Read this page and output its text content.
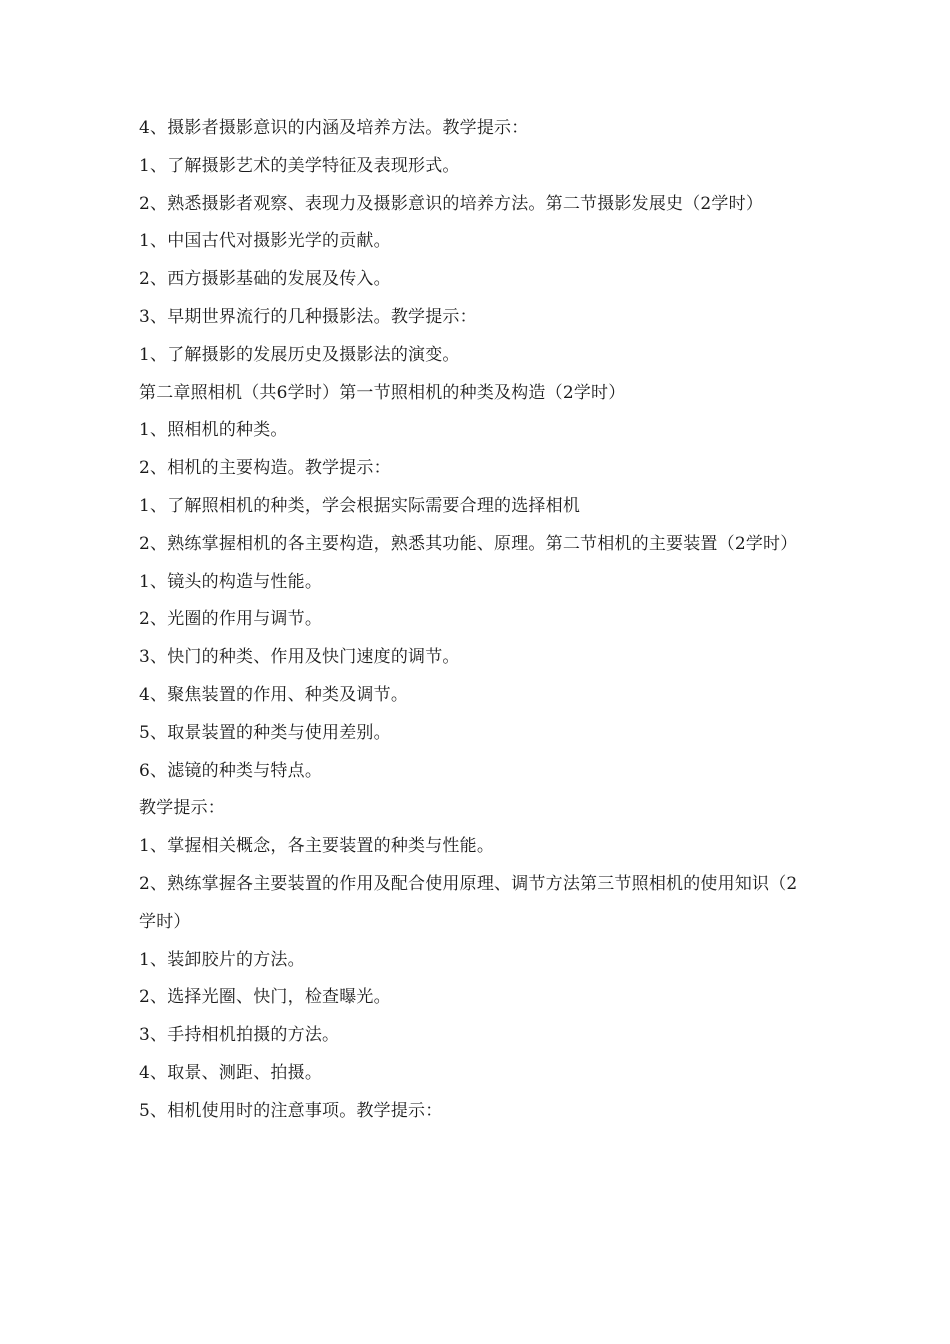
4、摄影者摄影意识的内涵及培养方法。教学提示：

1、了解摄影艺术的美学特征及表现形式。

2、熟悉摄影者观察、表现力及摄影意识的培养方法。第二节摄影发展史（2学时）

1、中国古代对摄影光学的贡献。

2、西方摄影基础的发展及传入。

3、早期世界流行的几种摄影法。教学提示：

1、了解摄影的发展历史及摄影法的演变。

第二章照相机（共6学时）第一节照相机的种类及构造（2学时）

1、照相机的种类。

2、相机的主要构造。教学提示：

1、了解照相机的种类，学会根据实际需要合理的选择相机

2、熟练掌握相机的各主要构造，熟悉其功能、原理。第二节相机的主要装置（2学时）

1、镜头的构造与性能。

2、光圈的作用与调节。

3、快门的种类、作用及快门速度的调节。

4、聚焦装置的作用、种类及调节。

5、取景装置的种类与使用差别。

6、滤镜的种类与特点。

教学提示：

1、掌握相关概念，各主要装置的种类与性能。

2、熟练掌握各主要装置的作用及配合使用原理、调节方法第三节照相机的使用知识（2学时）

1、装卸胶片的方法。

2、选择光圈、快门，检查曝光。

3、手持相机拍摄的方法。

4、取景、测距、拍摄。

5、相机使用时的注意事项。教学提示：
